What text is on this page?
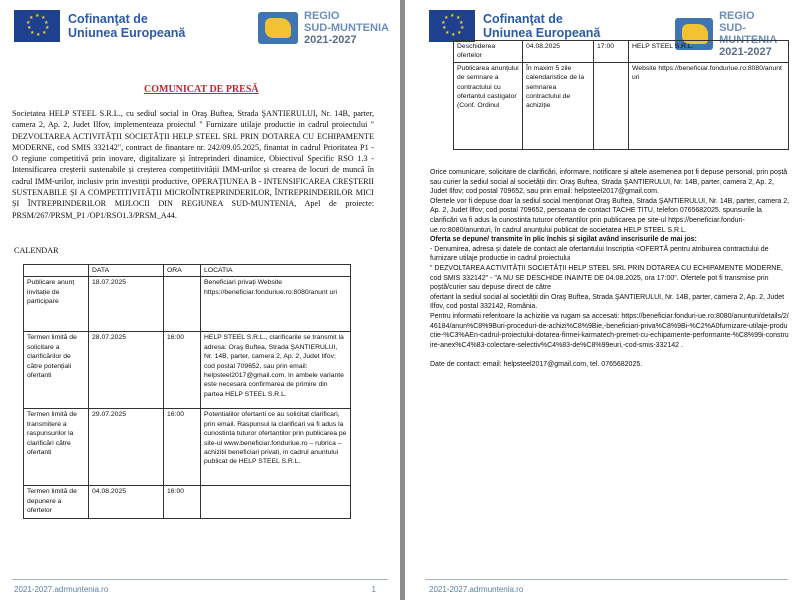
★ ★
★
★
★
★
★
★
★
★	Cofinanţat de
Uniunea Europeană
REGIO
SUD-MUNTENIA
2021-2027
COMUNICAT DE PRESĂ
Societatea HELP STEEL S.R.L., cu sediul social in Oraş Buftea, Strada ŞANTIERULUI, Nr. 14B, parter, camera 2, Ap. 2, Judet Ilfov, implementeaza proiectul " Furnizare utilaje productie in cadrul proiectului " DEZVOLTAREA ACTIVITĂȚII SOCIETĂȚII HELP STEEL SRL PRIN DOTAREA CU ECHIPAMENTE MODERNE, cod SMIS 332142", contract de finantare nr. 242/09.05.2025, finantat in cadrul Prioritatea P1 - O regiune competitivă prin inovare, digitalizare și întreprinderi dinamice, Obiectivul Specific RSO 1.3 - Intensificarea creșterii sustenabile și creșterea competitivității IMM-urilor și crearea de locuri de muncă în cadrul IMM-urilor, inclusiv prin investiții productive, OPERAȚIUNEA B - INTENSIFICAREA CREȘTERII SUSTENABILE ȘI A COMPETITIVITĂȚII MICROÎNTREPRINDERILOR, ÎNTREPRINDERILOR MICI ȘI ÎNTREPRINDERILOR MIJLOCII DIN REGIUNEA SUD-MUNTENIA, Apel de proiecte: PRSM/267/PRSM_P1 /OP1/RSO1.3/PRSM_A44.
CALENDAR
	DATA	ORA	LOCATIA
Publicare anunț invitație de participare	18.07.2025		Beneficiari privați Website https://beneficiar.fonduriue.ro:8080/anunt uri
Termen limită de solicitare a clarificărilor de către potențiali ofertanti	28.07.2025	16:00	HELP STEEL S.R.L., clarificarile se transmit la adresa: Oraş Buftea, Strada ŞANTIERULUI, Nr. 14B, parter, camera 2, Ap. 2, Judet Ilfov; cod postal 709652, sau prin email: helpsteel2017@gmail.com. In ambele variante este necesara confirmarea de primire din partea HELP STEEL S.R.L.
Termen limită de transmitere a raspunsurilor la clarificări către ofertanti	29.07.2025	16:00	Potentialilor ofertanti ce au solicitat clarificari, prin email. Raspunsul la clarificari va fi adus la cunostinta tuturor ofertantilor prin publicarea pe site-ul www.beneficiar.fonduriue.ro – rubrica – achizitii beneficiari privati, in cadrul anuntului publicat de HELP STEEL S.R.L.
Termen limită de depunere a ofertelor	04.08.2025	16:00	
2021-2027.adrmuntenia.ro	1
★ ★
★
★
★
★
★
★
★
★	Cofinanţat de
Uniunea Europeană
REGIO
SUD-MUNTENIA
2021-2027
Deschiderea ofertelor	04.08.2025	17:00	HELP STEEL S.R.L.
Publicarea anunțului de semnare a contractului cu ofertantul castigator (Conf. Ordinul	În maxim 5 zile calendaristice de la semnarea contractului de achiziție		Website https://beneficiar.fonduriue.ro:8080/anunt uri

Orice comunicare, solicitare de clarificări, informare, notificare și altele asemenea pot fi depuse personal, prin poștă sau curier la sediul social al societății din: Oraş Buftea, Strada ŞANTIERULUI, Nr. 14B, parter, camera 2, Ap. 2, Judet Ilfov; cod postal 709652, sau prin email: helpsteel2017@gmail.com.

Ofertele vor fi depuse doar la sediul social menționat Oraş Buftea, Strada ŞANTIERULUI, Nr. 14B, parter, camera 2, Ap. 2, Judet Ilfov; cod postal 709652, persoana de contact TACHE TITU, telefon 0765682025. spunsurile la clarificări va fi adus la cunostinta tuturor ofertantilor prin publicarea pe site-ul https://beneficiar.fonduri-ue.ro:8080/anunturi, în cadrul anunțului publicat de societatea HELP STEEL S.R.L.

Oferta se depune/ transmite în plic închis și sigilat având inscrisurile de mai jos:

- Denumirea, adresa și datele de contact ale ofertantului Inscriptia <OFERTĂ pentru atribuirea contractului de furnizare utilaje productie in cadrul proiectului

" DEZVOLTAREA ACTIVITĂȚII SOCIETĂȚII HELP STEEL SRL PRIN DOTAREA CU ECHIPAMENTE MODERNE, cod SMIS 332142" - "A NU SE DESCHIDE INAINTE DE 04.08.2025, ora 17:00". Ofertele pot fi transmise prin poștă/curier sau depuse direct de către

ofertant la sediul social al societății din Oraş Buftea, Strada ŞANTIERULUI, Nr. 14B, parter, camera 2, Ap. 2, Judet Ilfov, cod postal 332142, România.

Pentru informatii referitoare la achizitie va rugam sa accesati: https://beneficiar.fonduri-ue.ro:8080/anunturi/details/2/46184/anun%C8%9Buri-proceduri-de-achizi%C8%9Bie,-beneficiari-priva%C8%9Bi-%C2%A0furnizare-utilaje-productie-%C3%AEn-cadrul-proiectului-dotarea-firmei-karmatech-premet-cu-echipamente-performante-%C8%99i-construire-anex%C4%83-colectare-selectiv%C4%83-de%C8%99euri,-cod-smis-332142 .

Date de contact: email: helpsteel2017@gmail.com, tel. 0765682025.

2021-2027.adrmuntenia.ro
